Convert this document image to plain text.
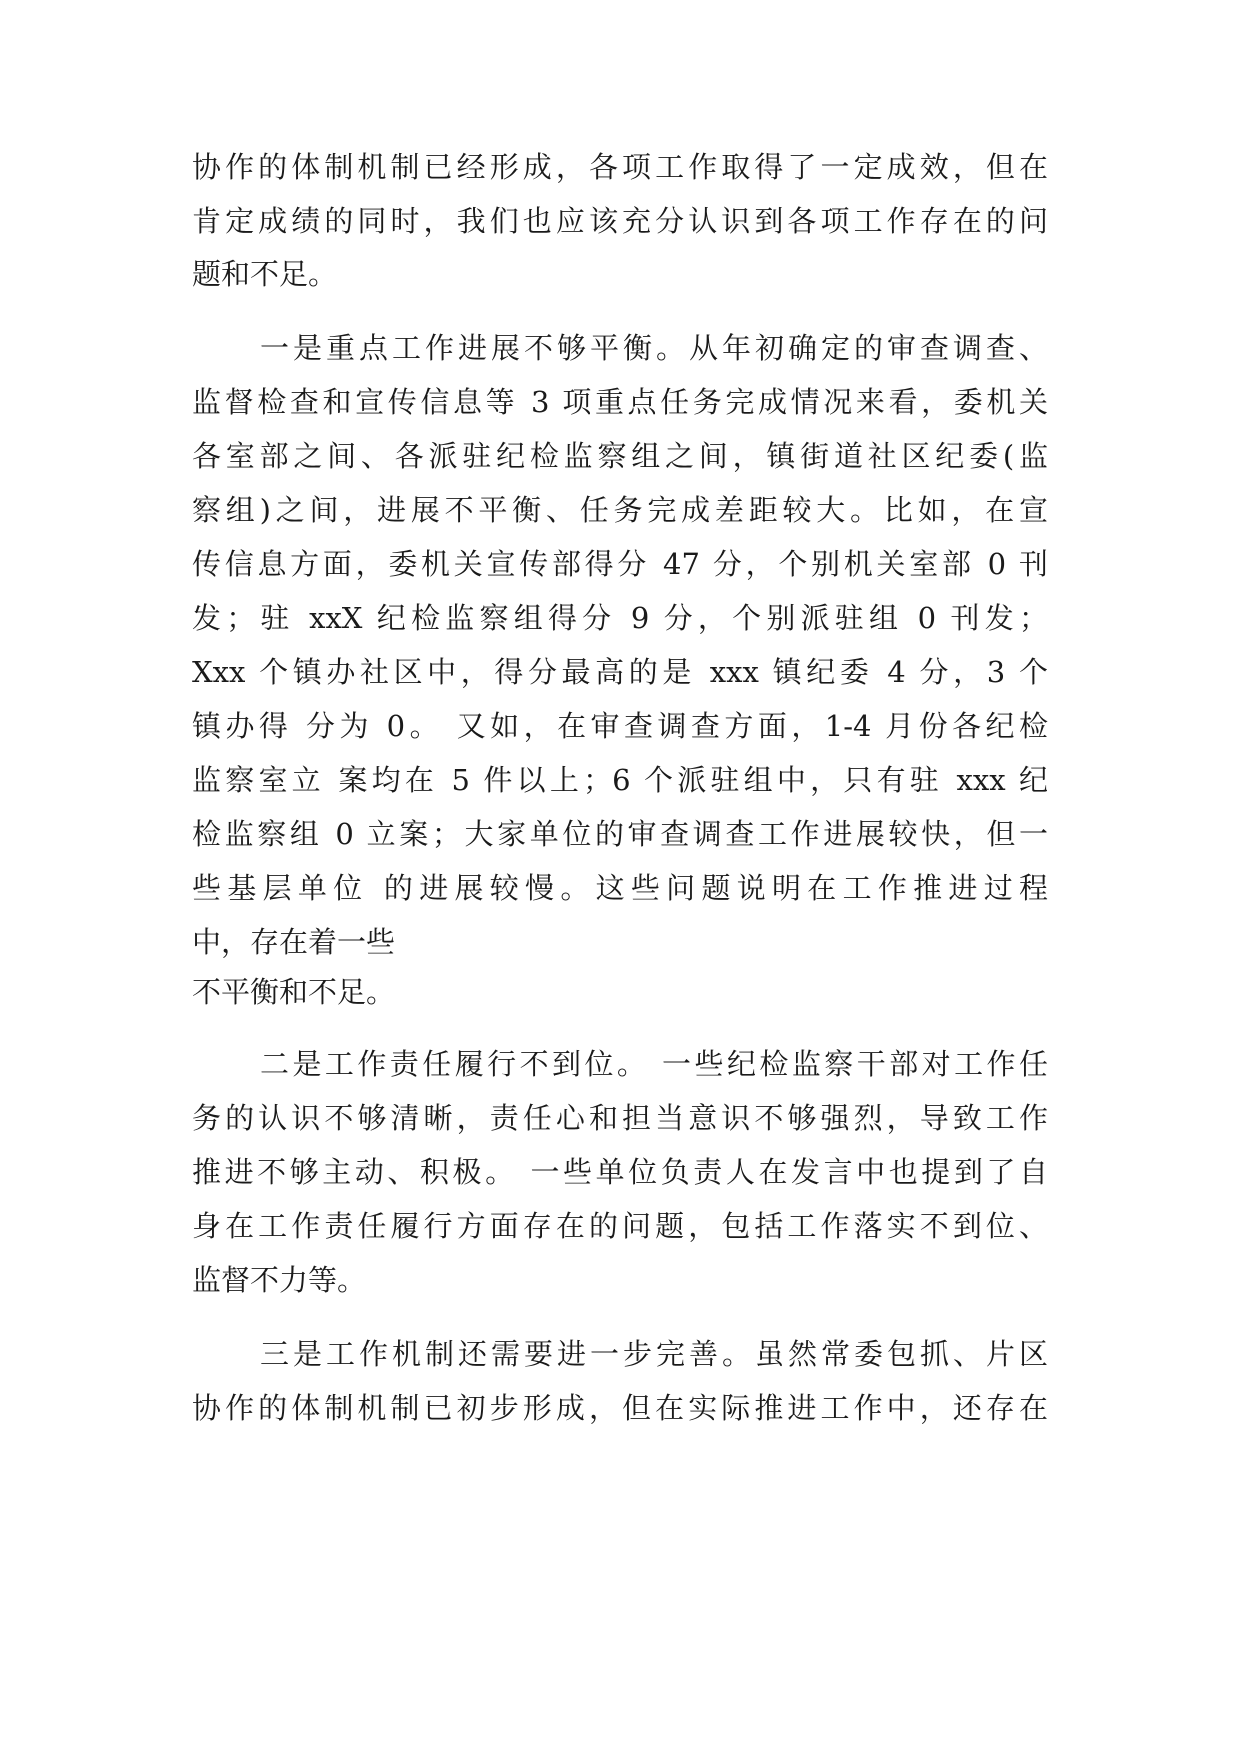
协作的体制机制已经形成，各项工作取得了一定成效，但在
肯定成绩的同时，我们也应该充分认识到各项工作存在的问
题和不足。
一是重点工作进展不够平衡。从年初确定的审查调查、
监督检查和宣传信息等 3 项重点任务完成情况来看，委机关
各室部之间、各派驻纪检监察组之间，镇街道社区纪委(监
察组)之间，进展不平衡、任务完成差距较大。比如，在宣
传信息方面，委机关宣传部得分 47 分，个别机关室部 0 刊
发；驻 xxX 纪检监察组得分 9 分，个别派驻组 0 刊发；
Xxx 个镇办社区中，得分最高的是 xxx 镇纪委 4 分，3 个
镇办得 分为 0。 又如，在审查调查方面，1-4 月份各纪检
监察室立 案均在 5 件以上；6 个派驻组中，只有驻 xxx 纪
检监察组 0 立案；大家单位的审查调查工作进展较快，但一
些基层单位 的进展较慢。这些问题说明在工作推进过程
中，存在着一些
不平衡和不足。
二是工作责任履行不到位。 一些纪检监察干部对工作任
务的认识不够清晰，责任心和担当意识不够强烈，导致工作
推进不够主动、积极。 一些单位负责人在发言中也提到了自
身在工作责任履行方面存在的问题，包括工作落实不到位、
监督不力等。
三是工作机制还需要进一步完善。虽然常委包抓、片区
协作的体制机制已初步形成，但在实际推进工作中，还存在
